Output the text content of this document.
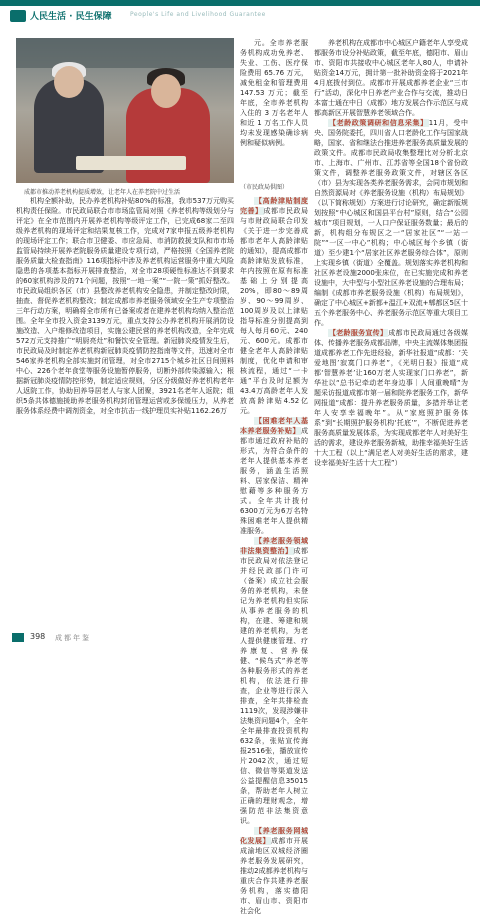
人民生活 · 民生保障	People's Life and Livelihood Guarantee
成都市推动养老机构提质增效，让老年人在养老院中过生活
（市民政局供图）

机构全额补助，民办养老机构补贴80%的标准，我市537万元购买机构责任保险。市民政局联合市市场监管局对照《养老机构等级划分与评定》在全市范围内开展养老机构等级评定工作，已完成68家二至四级养老机构的现场评定和结果复核工作，完成对7家申报五级养老机构的现场评定工作；联合市卫健委、市应急局、市消防救援支队和市市场监管局持续开展养老院服务质量建设专项行动，严格按照《全国养老院服务质量大检查指南》116项指标中涉及养老机构运营服务中重大风险隐患的各项基本指标开展排查整治，对全市28项硬性标准达不到要求的60家机构涉及的71个问题，按照“一地一案”“一院一策”抓好整改。市民政局组织各区（市）县整改养老机构安全隐患，并制定整改时限，抽查、督促养老机构整改；制定成都市养老服务领域安全生产专项整治三年行动方案，明确将全市所有已备案或者在建养老机构均纳入整治范围。全年全市投入资金3139万元，重点支持公办养老机构开展消防设施改造、入户维修改造项目，实施公建民营的养老机构改造，全年完成572万元支持推广“明厨亮灶”和餐饮安全管理。新冠肺炎疫情发生后，市民政局及时制定养老机构新冠肺炎疫情防控指南等文件，迅速对全市546家养老机构全部实施封闭管理，对全市2715个城乡社区日间照料中心、226个老年食堂等服务设施暂停服务，切断外部传染源输入；根据新冠肺炎疫情防控形势，制定适应规则，分区分级做好养老机构老年人返院工作，协助回养导居老人与家人团聚，3921名老年人返院；组织5条共体德施援助养老服务机构封闭管理运营或多保缓压力，从养老服务体系经费中调剂资金，对全市抗击一线护理员实补贴1162.26万

元。全市养老服务机构成功免养老、失业、工伤、医疗保险费用 65.76 万元，减免租金和管理费用 147.53 万元；截至年底，全市养老机构入住的 3 万名老年人和近 1 万名工作人员均未发现感染确诊病例和疑似病例。

【高龄津贴制度完善】成都市民政局与市财政局联合印发《关于进一步完善成都市老年人高龄津贴的通知》，提高成都市高龄津贴发放标准，年内按照在原有标准基础上分别提高20%，即80～89周岁、90～99周岁、100周岁及以上津贴指导标准分别提高到每人每月60元、240元、600元。成都市健全老年人高龄津贴制度，优化申请和审核流程，通过“一卡通”平台及时足额为43.4万高龄老年人发放高龄津贴4.52亿元。

【困难老年人基本养老服务补贴】成都市通过政府补贴的形式，为符合条件的老年人提供基本养老服务，涵盖生活照料、居家保洁、精神慰藉等多种服务方式。全年共计拨付6300万元为6万名特殊困难老年人提供精准服务。

【养老服务领域非法集资整治】成都市民政局对依法登记并经民政部门许可（备案）成立社会服务的养老机构，未登记为养老机构但实际从事养老服务的机构，在建、筹建和规建的养老机构，为老人提供健康管理、疗养康复、营养保健、“候鸟式”养老等各种服务形式的养老机构，依法进行排查，企业等进行深入排查，全年共排检查1119次，发现涉嫌非法集资问题4个，全年全年最排查投资机构632条，张贴宣传海报2516张，播放宣传片2042次，通过短信、微信等渠道发送公益提醒信息35015条，帮助老年人树立正确的理财观念，增强防范非法集资意识。

【养老服务网城化发展】成都市开展成渝地区双城经济圈养老服务发展研究，推动2成都养老机构与重庆合作共建养老服务机构，落实德阳市、眉山市、资阳市社会化

养老机构在成都市中心城区户籍老年人享受成都服务市设分补贴政策，截至年底，德阳市、眉山市、资阳市共接收中心城区老年人80人，申请补贴资金14万元，拥计第一批补助资金将于2021年4月底拨付到位。成都市开展成都养老企业“三市行”活动，深化中日养老产业合作与交流，推动日本富士通在中日（成都）地方发展合作示范区与成都高新区开展智慧养老领域合作。

【老龄政策调研和信息采集】11月，受中央、国务院委托，四川省人口老龄化工作与国家战略，国家、省和继法台推进养老服务高质量发展的政策文件。成都市民政局收集整理比对分析北京市、上海市、广州市、江苏省等全国18个省份政策文件，调整养老服务政策文件，对辖区各区（市）县为实现各类养老服务需求，会同市规划和自然资源局对《养老服务设施（机构）布局规划》（以下简称规划）方案进行讨论研究，确定新版规划按照“中心城区和国县平台村”原则，结合“公园城市”项目规划，一人口户保证服务数量；最后的新，机构组分布规区之一“居家社区”“一站一院”“一区一中心”机构；中心城区每个乡镇（街道）至少建1个“居家社区养老服务综合体”，原则上实现乡镇（街道）全覆盖。规划落实养老机构和社区养老设施2000张床位，在已实施完成和养老设施中，大中型与小型社区养老设施的合理布局；编制《成都市养老服务设施（机构）布局规划》，确定了中心城区+新都+温江+双流+郫都区5区十五个养老服务中心、养老服务示范区等重大项目工作。

【老龄服务宣传】成都市民政局通过各级媒体、传播养老服务成都品牌，中央主流媒体集团报道成都养老工作先进经验，新华社报道“成都：‘关爱地图’寂寞门口养老”，《光明日报》报道“成都‘智慧养老’让160万老人实现家门口养老”，新华社以“总书记牵动老年身边事｜人间重晚晴”为题采访报道成都市第一届和院养老服务工作，新华网报道“成都：提升养老服务质量，多措并举让老年人安享幸福晚年”。从“家庭照护服务体系”到“长期照护服务机构‘托底’”，不断促进养老服务高质量发展体系，为实现成都老年人对美好生活的需求，建设养老服务新城，助推幸福美好生活十大工程（以上“满足老人对美好生活的需求，建设幸福美好生活十大工程”）

398 成都年鉴
